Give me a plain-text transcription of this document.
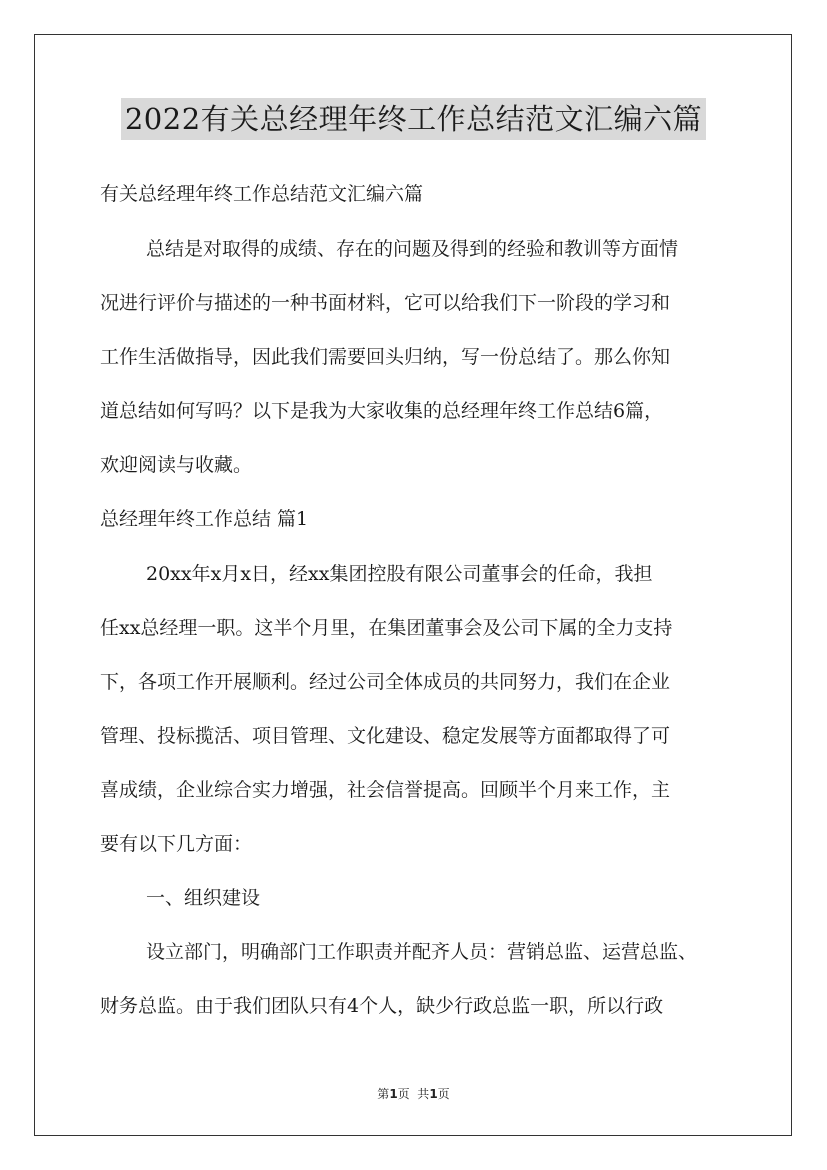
2022有关总经理年终工作总结范文汇编六篇
有关总经理年终工作总结范文汇编六篇
总结是对取得的成绩、存在的问题及得到的经验和教训等方面情
况进行评价与描述的一种书面材料，它可以给我们下一阶段的学习和
工作生活做指导，因此我们需要回头归纳，写一份总结了。那么你知
道总结如何写吗？以下是我为大家收集的总经理年终工作总结6篇，
欢迎阅读与收藏。
总经理年终工作总结 篇1
20xx年x月x日，经xx集团控股有限公司董事会的任命，我担
任xx总经理一职。这半个月里，在集团董事会及公司下属的全力支持
下，各项工作开展顺利。经过公司全体成员的共同努力，我们在企业
管理、投标揽活、项目管理、文化建设、稳定发展等方面都取得了可
喜成绩，企业综合实力增强，社会信誉提高。回顾半个月来工作，主
要有以下几方面：
一、组织建设
设立部门，明确部门工作职责并配齐人员：营销总监、运营总监、
财务总监。由于我们团队只有4个人，缺少行政总监一职，所以行政
第1页  共1页
